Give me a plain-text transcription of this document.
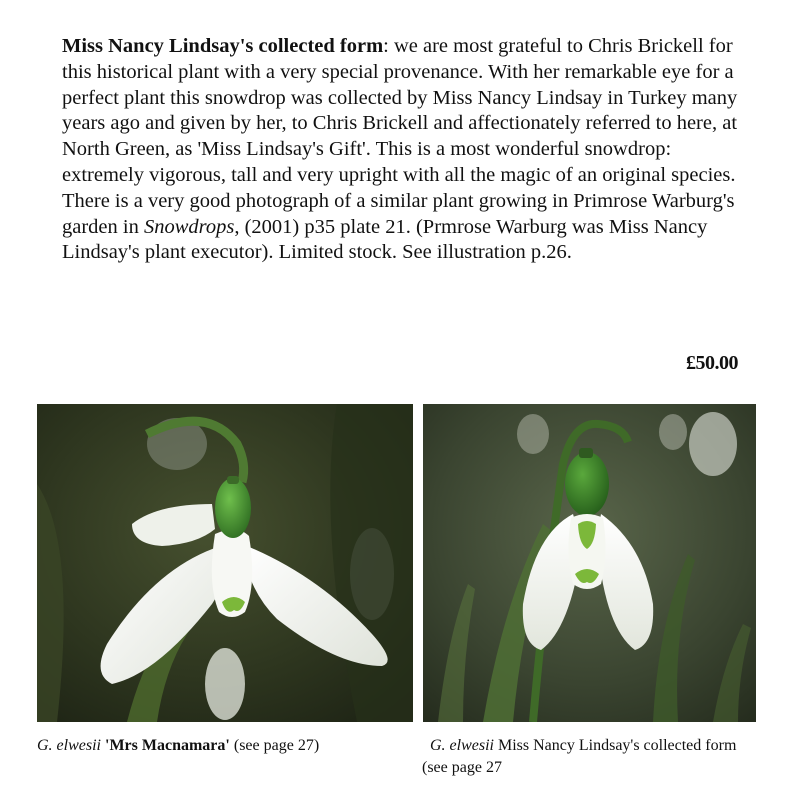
Miss Nancy Lindsay's collected form: we are most grateful to Chris Brickell for this historical plant with a very special provenance. With her remarkable eye for a perfect plant this snowdrop was collected by Miss Nancy Lindsay in Turkey many years ago and given by her, to Chris Brickell and affectionately referred to here, at North Green, as 'Miss Lindsay's Gift'. This is a most wonderful snowdrop: extremely vigorous, tall and very upright with all the magic of an original species. There is a very good photograph of a similar plant growing in Primrose Warburg's garden in Snowdrops, (2001) p35 plate 21. (Prmrose Warburg was Miss Nancy Lindsay's plant executor). Limited stock. See illustration p.26.
£50.00
G. elwesii 'Mrs Macnamara' (see page 27)	G. elwesii Miss Nancy Lindsay's collected form (see page 27
